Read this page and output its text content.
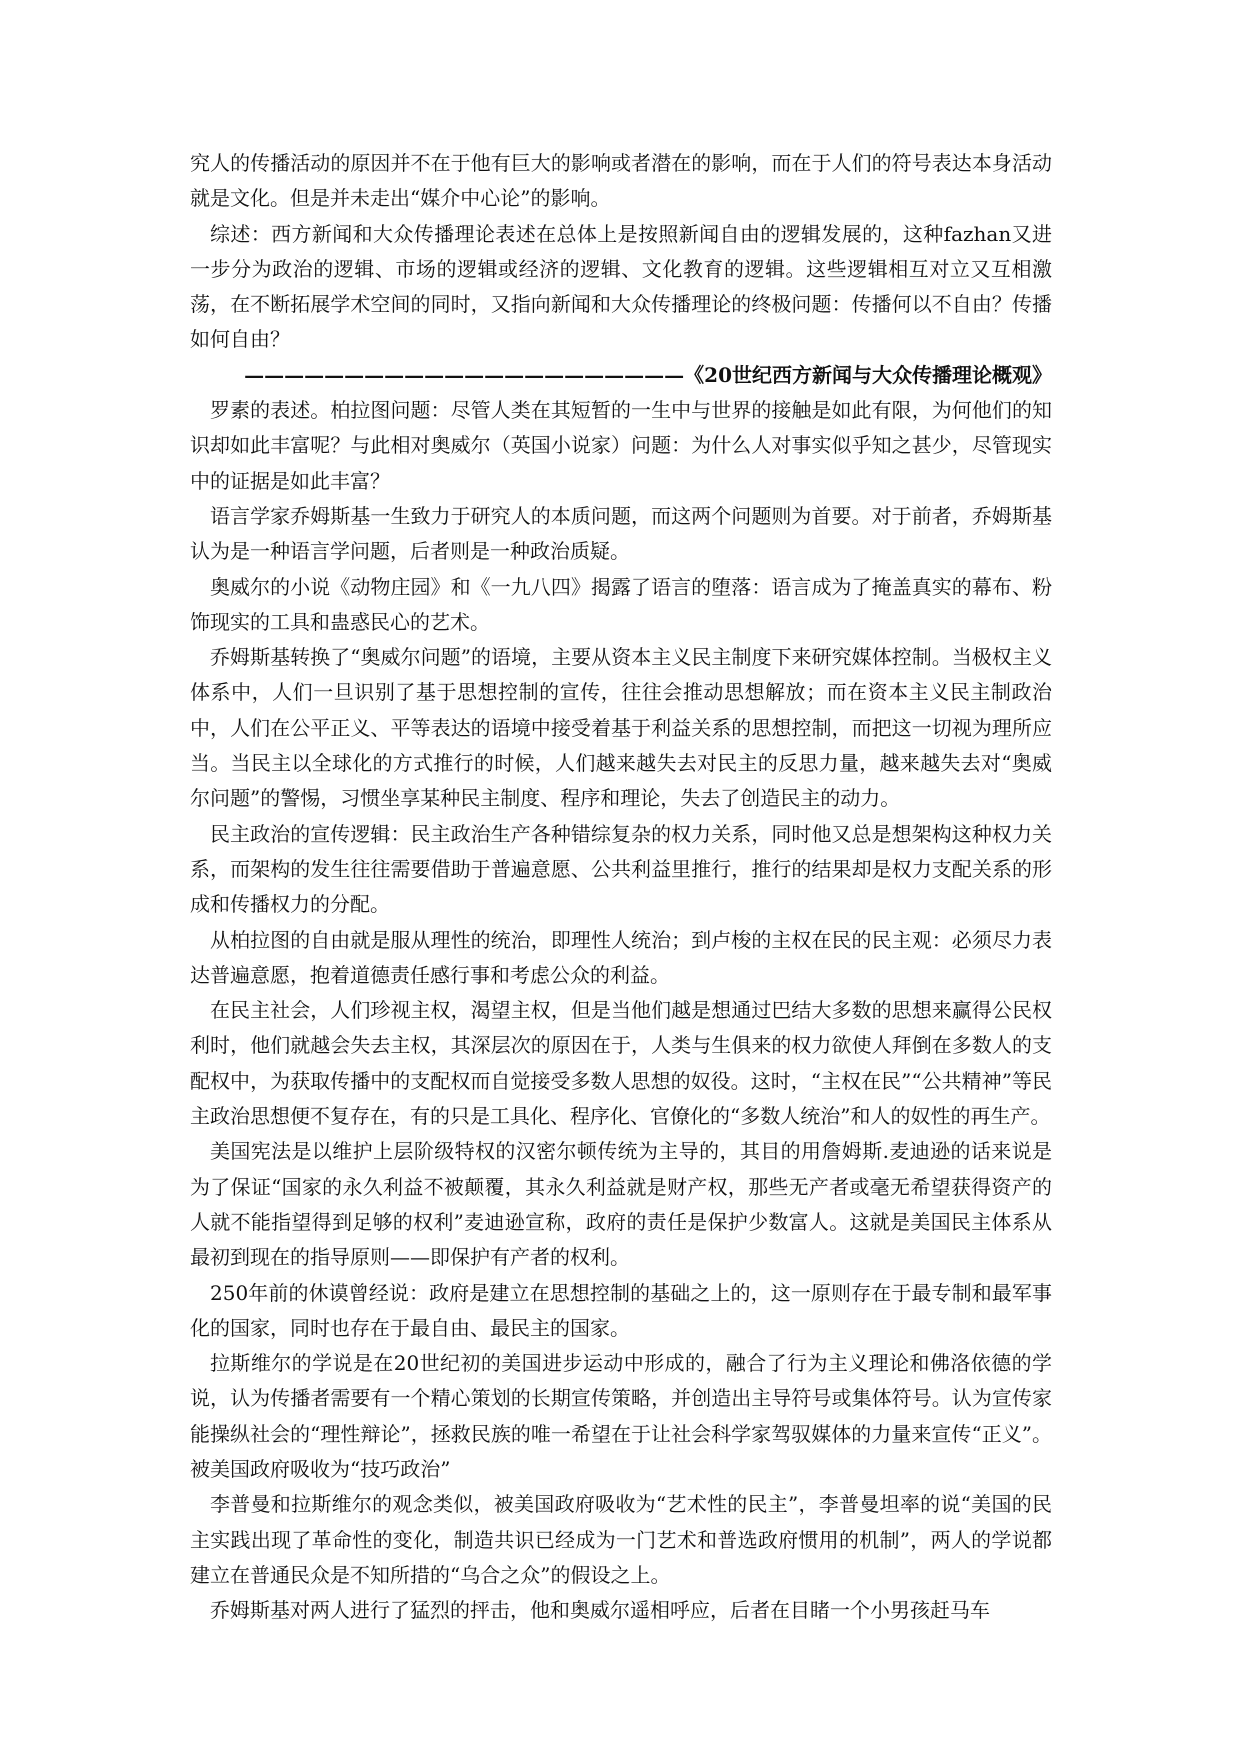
究人的传播活动的原因并不在于他有巨大的影响或者潜在的影响，而在于人们的符号表达本身活动就是文化。但是并未走出“媒介中心论”的影响。

综述：西方新闻和大众传播理论表述在总体上是按照新闻自由的逻辑发展的，这种fazhan又进一步分为政治的逻辑、市场的逻辑或经济的逻辑、文化教育的逻辑。这些逻辑相互对立又互相激荡，在不断拓展学术空间的同时，又指向新闻和大众传播理论的终极问题：传播何以不自由？传播如何自由？

——————————————————————《20世纪西方新闻与大众传播理论概观》

罗素的表述。柏拉图问题：尽管人类在其短暂的一生中与世界的接触是如此有限，为何他们的知识却如此丰富呢？与此相对奥威尔（英国小说家）问题：为什么人对事实似乎知之甚少，尽管现实中的证据是如此丰富？

语言学家乔姆斯基一生致力于研究人的本质问题，而这两个问题则为首要。对于前者，乔姆斯基认为是一种语言学问题，后者则是一种政治质疑。

奥威尔的小说《动物庄园》和《一九八四》揭露了语言的堕落：语言成为了掩盖真实的幕布、粉饰现实的工具和蛊惑民心的艺术。

乔姆斯基转换了“奥威尔问题”的语境，主要从资本主义民主制度下来研究媒体控制。当极权主义体系中，人们一旦识别了基于思想控制的宣传，往往会推动思想解放；而在资本主义民主制政治中，人们在公平正义、平等表达的语境中接受着基于利益关系的思想控制，而把这一切视为理所应当。当民主以全球化的方式推行的时候，人们越来越失去对民主的反思力量，越来越失去对“奥威尔问题”的警惕，习惯坐享某种民主制度、程序和理论，失去了创造民主的动力。

民主政治的宣传逻辑：民主政治生产各种错综复杂的权力关系，同时他又总是想架构这种权力关系，而架构的发生往往需要借助于普遍意愿、公共利益里推行，推行的结果却是权力支配关系的形成和传播权力的分配。

从柏拉图的自由就是服从理性的统治，即理性人统治；到卢梭的主权在民的民主观：必须尽力表达普遍意愿，抱着道德责任感行事和考虑公众的利益。

在民主社会，人们珍视主权，渴望主权，但是当他们越是想通过巴结大多数的思想来赢得公民权利时，他们就越会失去主权，其深层次的原因在于，人类与生俱来的权力欲使人拜倒在多数人的支配权中，为获取传播中的支配权而自觉接受多数人思想的奴役。这时，“主权在民”“公共精神”等民主政治思想便不复存在，有的只是工具化、程序化、官僚化的“多数人统治”和人的奴性的再生产。

美国宪法是以维护上层阶级特权的汉密尔顿传统为主导的，其目的用詹姆斯.麦迪逊的话来说是为了保证“国家的永久利益不被颠覆，其永久利益就是财产权，那些无产者或毫无希望获得资产的人就不能指望得到足够的权利”麦迪逊宣称，政府的责任是保护少数富人。这就是美国民主体系从最初到现在的指导原则——即保护有产者的权利。

250年前的休谟曾经说：政府是建立在思想控制的基础之上的，这一原则存在于最专制和最军事化的国家，同时也存在于最自由、最民主的国家。

拉斯维尔的学说是在20世纪初的美国进步运动中形成的，融合了行为主义理论和佛洛依德的学说，认为传播者需要有一个精心策划的长期宣传策略，并创造出主导符号或集体符号。认为宣传家能操纵社会的“理性辩论”，拯救民族的唯一希望在于让社会科学家驾驭媒体的力量来宣传“正义”。被美国政府吸收为“技巧政治”

李普曼和拉斯维尔的观念类似，被美国政府吸收为“艺术性的民主”，李普曼坦率的说“美国的民主实践出现了革命性的变化，制造共识已经成为一门艺术和普选政府惯用的机制”，两人的学说都建立在普通民众是不知所措的“乌合之众”的假设之上。

乔姆斯基对两人进行了猛烈的抨击，他和奥威尔遥相呼应，后者在目睹一个小男孩赶马车
